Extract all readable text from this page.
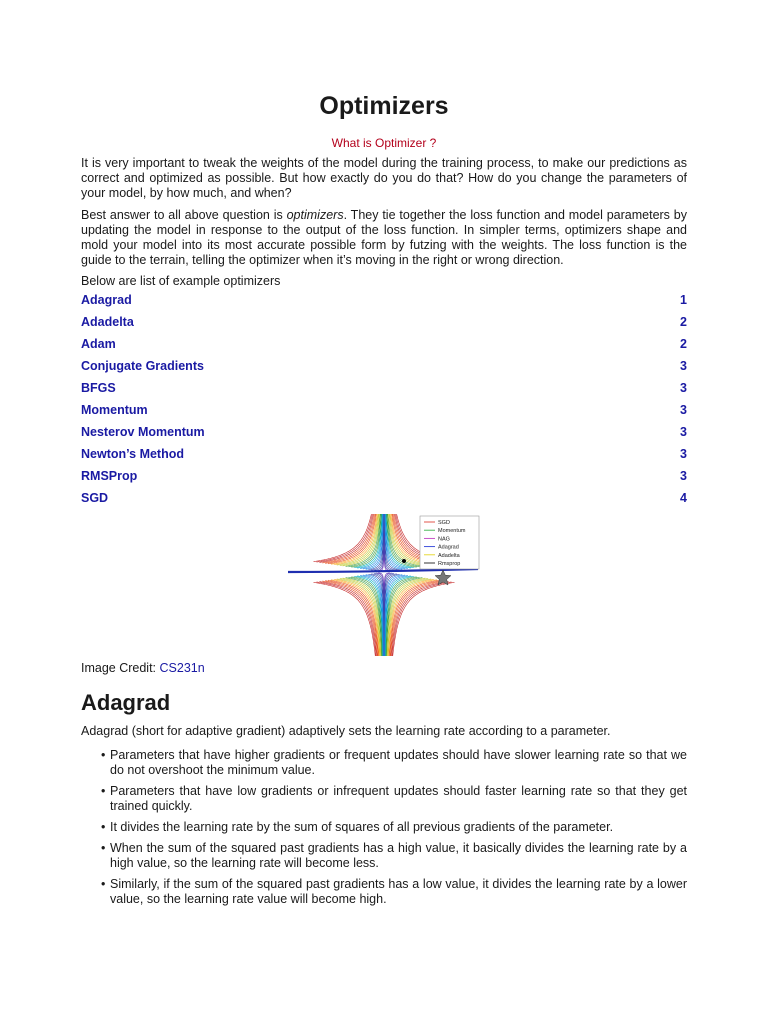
Optimizers
What is Optimizer ?

It is very important to tweak the weights of the model during the training process, to make our predictions as correct and optimized as possible. But how exactly do you do that? How do you change the parameters of your model, by how much, and when?

Best answer to all above question is optimizers. They tie together the loss function and model parameters by updating the model in response to the output of the loss function. In simpler terms, optimizers shape and mold your model into its most accurate possible form by futzing with the weights. The loss function is the guide to the terrain, telling the optimizer when it’s moving in the right or wrong direction.

Below are list of example optimizers

Adagrad	1
Adadelta	2
Adam	2
Conjugate Gradients	3
BFGS	3
Momentum	3
Nesterov Momentum	3
Newton’s Method	3
RMSProp	3
SGD	4
SGD
Momentum
NAG
Adagrad
Adadelta
Rmsprop
Image Credit: CS231n
Adagrad

Adagrad (short for adaptive gradient) adaptively sets the learning rate according to a parameter.

• Parameters that have higher gradients or frequent updates should have slower learning rate so that we do not overshoot the minimum value.
• Parameters that have low gradients or infrequent updates should faster learning rate so that they get trained quickly.
• It divides the learning rate by the sum of squares of all previous gradients of the parameter.
• When the sum of the squared past gradients has a high value, it basically divides the learning rate by a high value, so the learning rate will become less.
• Similarly, if the sum of the squared past gradients has a low value, it divides the learning rate by a lower value, so the learning rate value will become high.
